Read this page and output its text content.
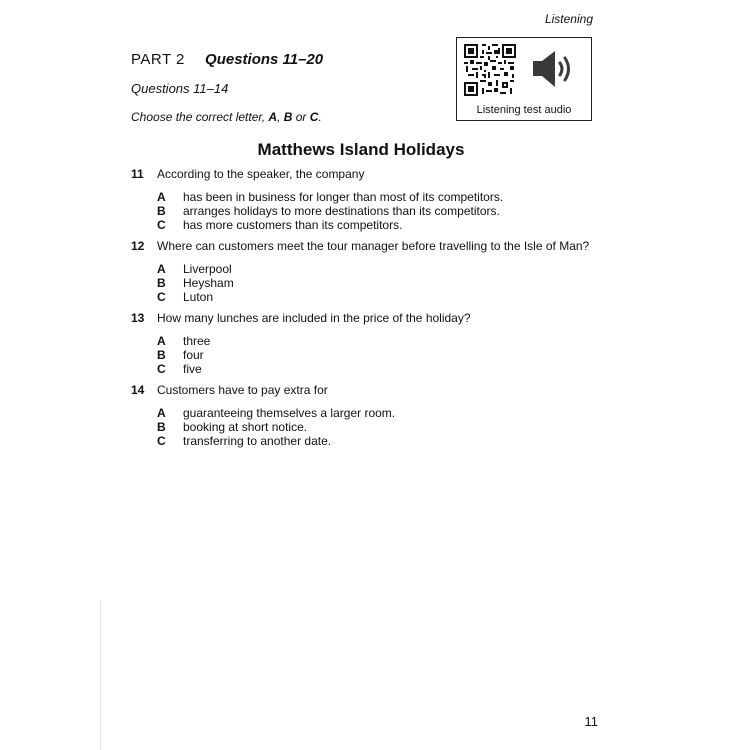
Listening
PART 2 Questions 11–20
Questions 11–14
Choose the correct letter, A, B or C.	Listening test audio
Matthews Island Holidays
11 According to the speaker, the company
A has been in business for longer than most of its competitors.
B arranges holidays to more destinations than its competitors.
C has more customers than its competitors.
12 Where can customers meet the tour manager before travelling to the Isle of Man?
A Liverpool
B Heysham
C Luton
13 How many lunches are included in the price of the holiday?
A three
B four
C five
14 Customers have to pay extra for
A guaranteeing themselves a larger room.
B booking at short notice.
C transferring to another date.
11
